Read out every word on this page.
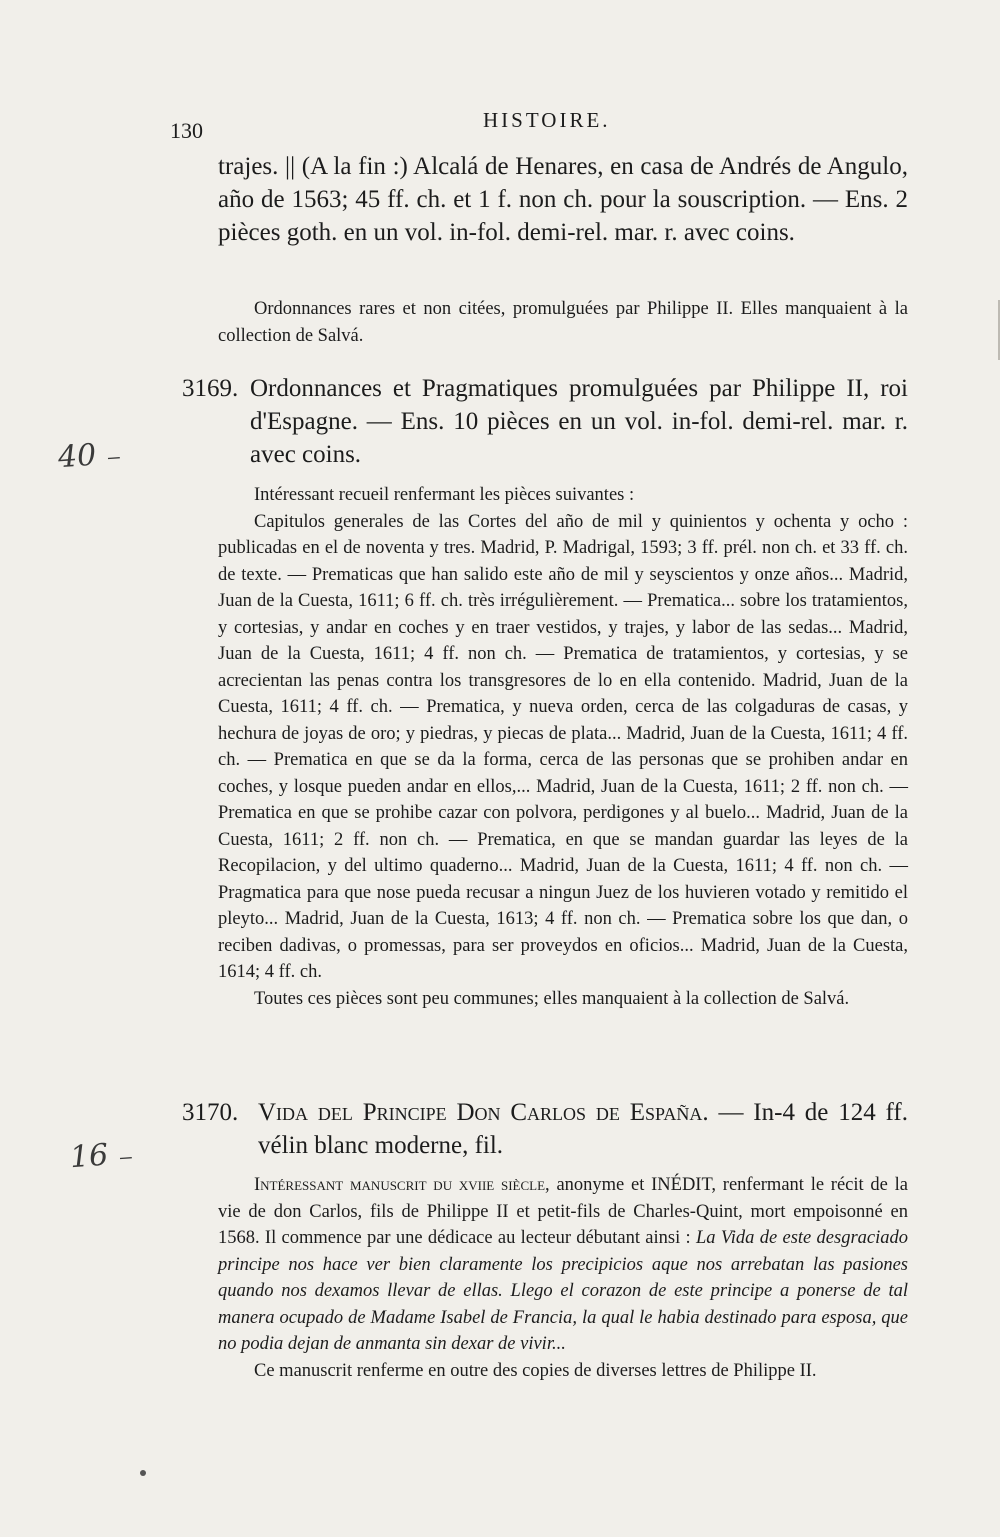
130	HISTOIRE.

trajes. || (A la fin :) Alcalá de Henares, en casa de Andrés de Angulo, año de 1563; 45 ff. ch. et 1 f. non ch. pour la souscription. — Ens. 2 pièces goth. en un vol. in-fol. demi-rel. mar. r. avec coins.

Ordonnances rares et non citées, promulguées par Philippe II. Elles manquaient à la collection de Salvá.

3169. Ordonnances et Pragmatiques promulguées par Philippe II, roi d'Espagne. — Ens. 10 pièces en un vol. in-fol. demi-rel. mar. r. avec coins.

40 ₋

Intéressant recueil renfermant les pièces suivantes :

Capitulos generales de las Cortes del año de mil y quinientos y ochenta y ocho : publicadas en el de noventa y tres. Madrid, P. Madrigal, 1593; 3 ff. prél. non ch. et 33 ff. ch. de texte. — Prematicas que han salido este año de mil y seyscientos y onze años... Madrid, Juan de la Cuesta, 1611; 6 ff. ch. très irrégulièrement. — Prematica... sobre los tratamientos, y cortesias, y andar en coches y en traer vestidos, y trajes, y labor de las sedas... Madrid, Juan de la Cuesta, 1611; 4 ff. non ch. — Prematica de tratamientos, y cortesias, y se acrecientan las penas contra los transgresores de lo en ella contenido. Madrid, Juan de la Cuesta, 1611; 4 ff. ch. — Prematica, y nueva orden, cerca de las colgaduras de casas, y hechura de joyas de oro; y piedras, y piecas de plata... Madrid, Juan de la Cuesta, 1611; 4 ff. ch. — Prematica en que se da la forma, cerca de las personas que se prohiben andar en coches, y losque pueden andar en ellos,... Madrid, Juan de la Cuesta, 1611; 2 ff. non ch. — Prematica en que se prohibe cazar con polvora, perdigones y al buelo... Madrid, Juan de la Cuesta, 1611; 2 ff. non ch. — Prematica, en que se mandan guardar las leyes de la Recopilacion, y del ultimo quaderno... Madrid, Juan de la Cuesta, 1611; 4 ff. non ch. — Pragmatica para que nose pueda recusar a ningun Juez de los huvieren votado y remitido el pleyto... Madrid, Juan de la Cuesta, 1613; 4 ff. non ch. — Prematica sobre los que dan, o reciben dadivas, o promessas, para ser proveydos en oficios... Madrid, Juan de la Cuesta, 1614; 4 ff. ch.

Toutes ces pièces sont peu communes; elles manquaient à la collection de Salvá.

3170. Vida del Principe Don Carlos de España. — In-4 de 124 ff. vélin blanc moderne, fil.

16 ₋

Intéressant manuscrit du xviie siècle, anonyme et INÉDIT, renfermant le récit de la vie de don Carlos, fils de Philippe II et petit-fils de Charles-Quint, mort empoisonné en 1568. Il commence par une dédicace au lecteur débutant ainsi : La Vida de este desgraciado principe nos hace ver bien claramente los precipicios aque nos arrebatan las pasiones quando nos dexamos llevar de ellas. Llego el corazon de este principe a ponerse de tal manera ocupado de Madame Isabel de Francia, la qual le habia destinado para esposa, que no podia dejan de anmanta sin dexar de vivir...

Ce manuscrit renferme en outre des copies de diverses lettres de Philippe II.
